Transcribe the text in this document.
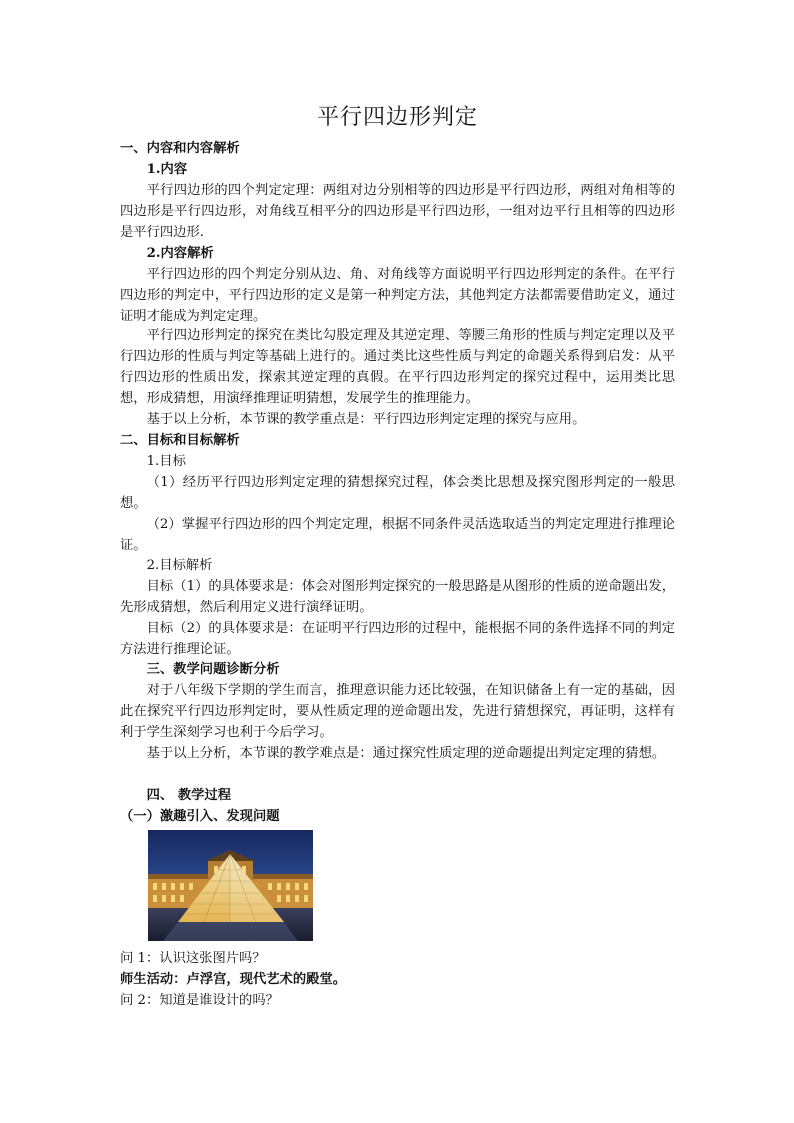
平行四边形判定
一、内容和内容解析
1.内容
平行四边形的四个判定定理：两组对边分别相等的四边形是平行四边形，两组对角相等的四边形是平行四边形，对角线互相平分的四边形是平行四边形，一组对边平行且相等的四边形是平行四边形.
2.内容解析
平行四边形的四个判定分别从边、角、对角线等方面说明平行四边形判定的条件。在平行四边形的判定中，平行四边形的定义是第一种判定方法，其他判定方法都需要借助定义，通过证明才能成为判定定理。
平行四边形判定的探究在类比勾股定理及其逆定理、等腰三角形的性质与判定定理以及平行四边形的性质与判定等基础上进行的。通过类比这些性质与判定的命题关系得到启发：从平行四边形的性质出发，探索其逆定理的真假。在平行四边形判定的探究过程中，运用类比思想，形成猜想，用演绎推理证明猜想，发展学生的推理能力。
基于以上分析，本节课的教学重点是：平行四边形判定定理的探究与应用。
二、目标和目标解析
1.目标
（1）经历平行四边形判定定理的猜想探究过程，体会类比思想及探究图形判定的一般思想。
（2）掌握平行四边形的四个判定定理，根据不同条件灵活选取适当的判定定理进行推理论证。
2.目标解析
目标（1）的具体要求是：体会对图形判定探究的一般思路是从图形的性质的逆命题出发，先形成猜想，然后利用定义进行演绎证明。
目标（2）的具体要求是：在证明平行四边形的过程中，能根据不同的条件选择不同的判定方法进行推理论证。
三、教学问题诊断分析
对于八年级下学期的学生而言，推理意识能力还比较强，在知识储备上有一定的基础，因此在探究平行四边形判定时，要从性质定理的逆命题出发，先进行猜想探究，再证明，这样有利于学生深刻学习也利于今后学习。
基于以上分析，本节课的教学难点是：通过探究性质定理的逆命题提出判定定理的猜想。
四、 教学过程
（一）激趣引入、发现问题
问 1：认识这张图片吗？
师生活动：卢浮宫，现代艺术的殿堂。
问 2：知道是谁设计的吗？
